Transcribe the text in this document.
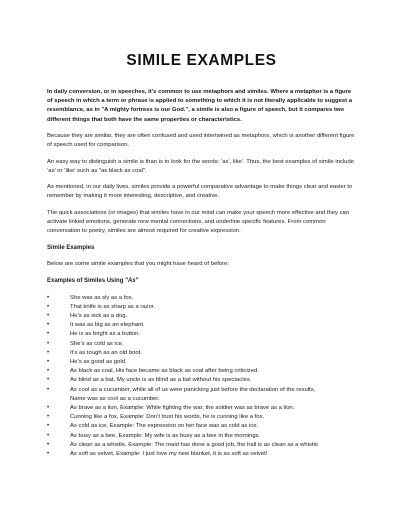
SIMILE EXAMPLES

In daily conversion, or in speeches, it’s common to use metaphors and similes. Where a metaphor is a figure of speech in which a term or phrase is applied to something to which it is not literally applicable to suggest a resemblance, as in "A mighty fortress is our God.", a simile is also a figure of speech, but it compares two different things that both have the same properties or characteristics.

Because they are similar, they are often confused and used intertwined as metaphors, which is another different figure of speech used for comparison.

An easy way to distinguish a simile is than is to look for the words: ‘as’, like’. Thus, the best examples of simile include ‘as’ or ‘like’ such as "as black as coal".

As mentioned, in our daily lives, similes provide a powerful comparative advantage to make things clear and easier to remember by making it more interesting, descriptive, and creative.

The quick associations (or images) that similes have in our mind can make your speech more effective and they can activate linked emotions, generate new mental connections, and underline specific features. From common conversation to poetry, similes are almost required for creative expression.

Simile Examples

Below are some simile examples that you might have heard of before:

Examples of Similes Using "As"

•	She was as sly as a fox.
•	That knife is as sharp as a razor.
•	He’s as sick as a dog.
•	It was as big as an elephant.
•	He is as bright as a button.
•	She’s as cold as ice.
•	It’s as tough as an old boot.
•	He’s as good as gold.
•	As black as coal, His face became as black as coal after being criticized.
•	As blind as a bat, My uncle is as blind as a bat without his spectacles.
•	As cool as a cucumber, while all of us were panicking just before the declaration of the results,
Name was as cool as a cucumber.
•	As brave as a lion, Example: While fighting the war, the soldier was as brave as a lion.
•	Cunning like a fox, Example: Don’t trust his words, he is cunning like a fox.
•	As cold as ice, Example: The expression on her face was as cold as ice.
•	As busy as a bee, Example: My wife is as busy as a bee in the mornings.
•	As clean as a whistle, Example: The maid has done a good job, the hall is as clean as a whistle
•	As soft as velvet, Example: I just love my new blanket, it is as soft as velvet!
